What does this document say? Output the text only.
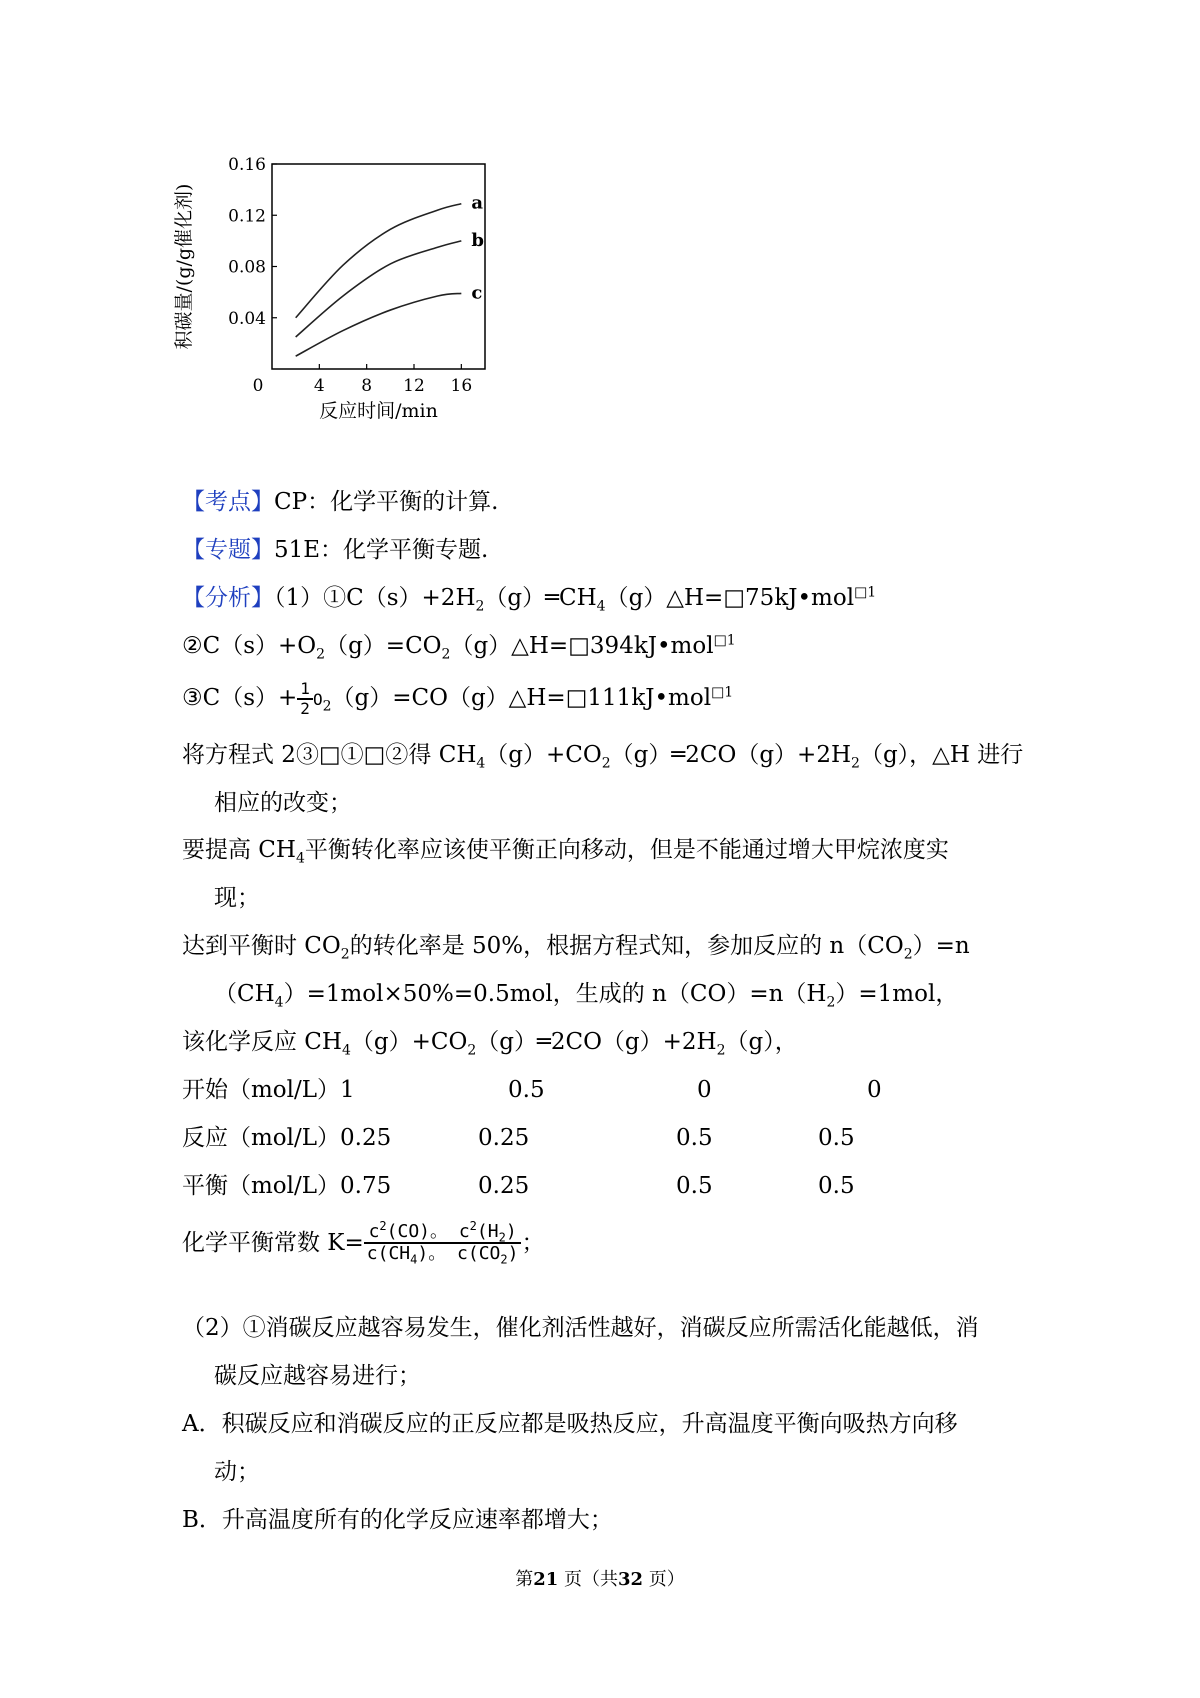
0.04
0.08
0.12
0.16
4 8 12 16
0
反应时间/min
积碳量/(g/g催化剂)	a
b
c
【考点】CP：化学平衡的计算.
【专题】51E：化学平衡专题.
【分析】$(1)①C(s)+2H_2(g)═CH_4(g)\triangle H=□75kJ•mol^{□1}$
$②C(s)+O_2(g)=CO_2(g)\triangle H=□394kJ•mol^{□1}$
③C（s）+ $\frac{1}{2}$ $O_2(g)=CO(g)\triangle H=□111kJ•mol^{□1}$
将方程式 2③□①□②得 $CH_4(g)+CO_2(g)═2CO(g)+2H_2(g)$，△H 进行
相应的改变；
要提高 $CH_4$平衡转化率应该使平衡正向移动，但是不能通过增大甲烷浓度实
现；
达到平衡时 $CO_2$的转化率是 50%，根据方程式知，参加反应的 $n(CO_2)=n$
$(CH_4)=1mol\times 50\%=0.5mol$，生成的 $n(CO)=n(H_2)=1mol$，
该化学反应 $CH_4(g)+CO_2(g)═2CO(g)+2H_2(g)$，
开始（mol/L）1	0.5	0	0
反应（mol/L）0.25	0.25	0.5	0.5
平衡（mol/L）0.75	0.25	0.5	0.5
化学平衡常数 $K= \frac{c^2(CO)。 c^2(H_2)}{c(CH_4)。 c(CO_2)}$ ；
（2）①消碳反应越容易发生，催化剂活性越好，消碳反应所需活化能越低，消
碳反应越容易进行；
A．积碳反应和消碳反应的正反应都是吸热反应，升高温度平衡向吸热方向移
动；
B．升高温度所有的化学反应速率都增大；
第21 页（共32 页）
